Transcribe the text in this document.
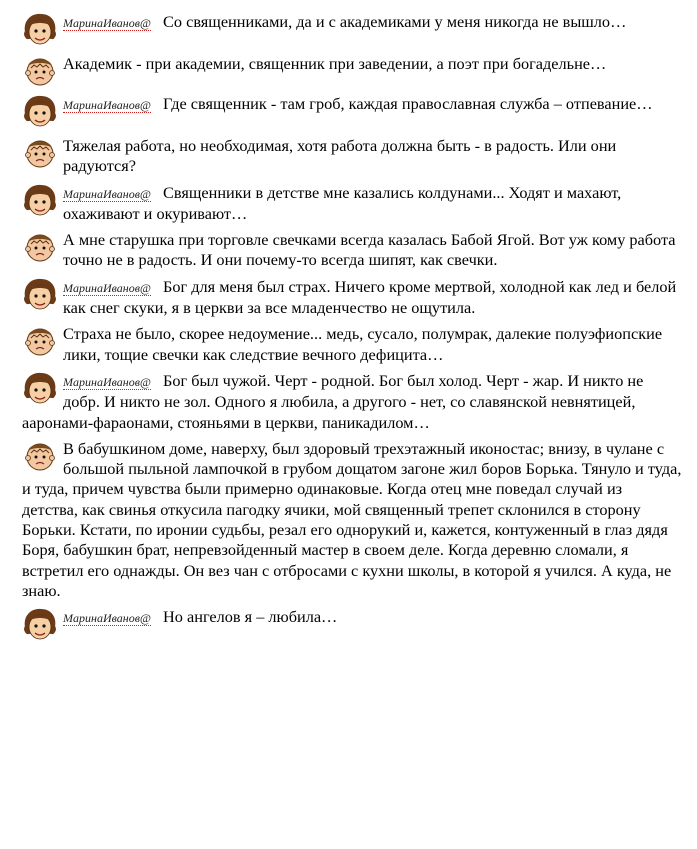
MapuнаИванов@ Со священниками, да и с академиками у меня никогда не вышло…
Академик - при академии, священник при заведении, а поэт при богадельне…
MapuнаИванов@ Где священник - там гроб, каждая православная служба – отпевание…
Тяжелая работа, но необходимая, хотя работа должна быть - в радость. Или они радуются?
MapuнаИванов@ Священники в детстве мне казались колдунами... Ходят и махают, охаживают и окуривают…
А мне старушка при торговле свечками всегда казалась Бабой Ягой. Вот уж кому работа точно не в радость. И они почему-то всегда шипят, как свечки.
MapuнаИванов@ Бог для меня был страх. Ничего кроме мертвой, холодной как лед и белой как снег скуки, я в церкви за все младенчество не ощутила.
Страха не было, скорее недоумение... медь, сусало, полумрак, далекие полуэфиопские лики, тощие свечки как следствие вечного дефицита…
MapuнаИванов@ Бог был чужой. Черт - родной. Бог был холод. Черт - жар. И никто не добр. И никто не зол. Одного я любила, а другого - нет, со славянской невнятицей, ааронами-фараонами, стояньями в церкви, паникадилом…
В бабушкином доме, наверху, был здоровый трехэтажный иконостас; внизу, в чулане с большой пыльной лампочкой в грубом дощатом загоне жил боров Борька. Тянуло и туда, и туда, причем чувства были примерно одинаковые. Когда отец мне поведал случай из детства, как свинья откусила пагодку ячики, мой священный трепет склонился в сторону Борьки. Кстати, по иронии судьбы, резал его однорукий и, кажется, контуженный в глаз дядя Боря, бабушкин брат, непревзойденный мастер в своем деле. Когда деревню сломали, я встретил его однажды. Он вез чан с отбросами с кухни школы, в которой я учился. А куда, не знаю.
MapuнаИванов@ Но ангелов я – любила…
